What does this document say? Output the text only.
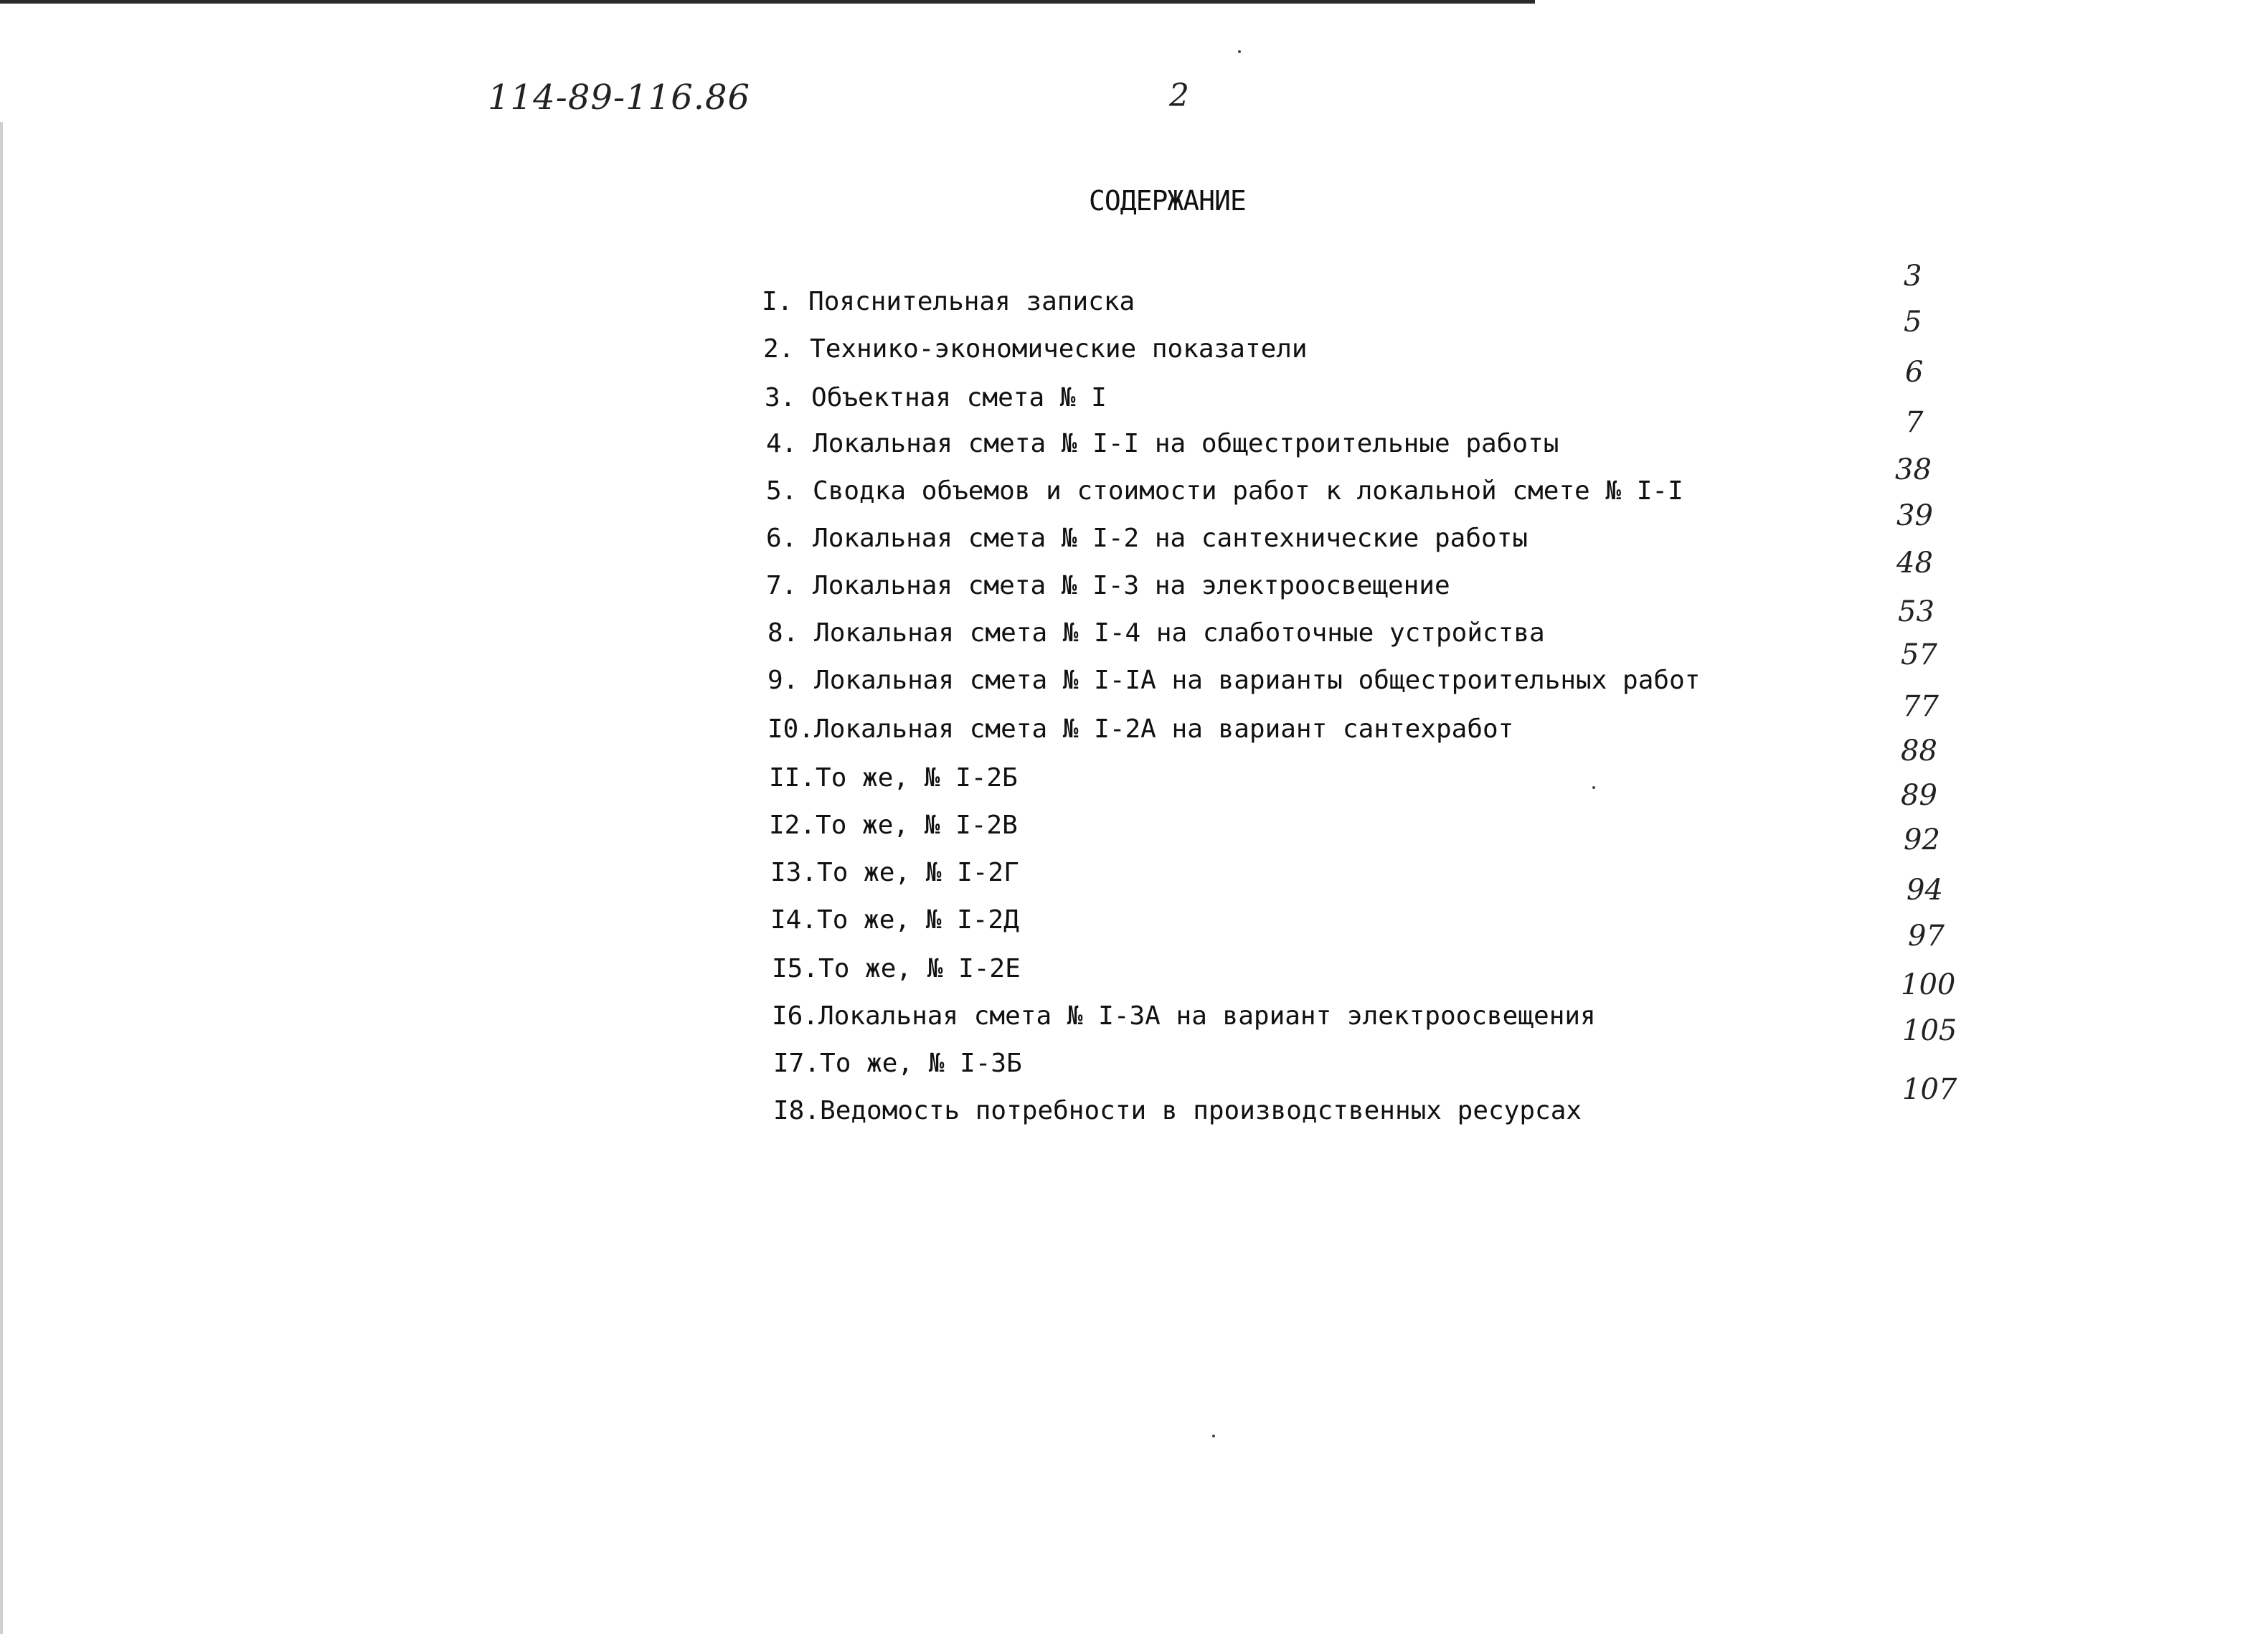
114-89-116.86	2
СОДЕРЖАНИЕ
I. Пояснительная записка
2. Технико-экономические показатели
3. Объектная смета № I
4. Локальная смета № I-I на общестроительные работы
5. Сводка объемов и стоимости работ к локальной смете № I-I
6. Локальная смета № I-2 на сантехнические работы
7. Локальная смета № I-3 на электроосвещение
8. Локальная смета № I-4 на слаботочные устройства
9. Локальная смета № I-IA на варианты общестроительных работ
I0.Локальная смета № I-2A на вариант сантехработ
II.То же, № I-2Б
I2.То же, № I-2В
I3.То же, № I-2Г
I4.То же, № I-2Д
I5.То же, № I-2Е
I6.Локальная смета № I-3А на вариант электроосвещения
I7.То же, № I-3Б
I8.Ведомость потребности в производственных ресурсах
3
5
6
7
38
39
48
53
57
77
88
89
92
94
97
100
105
107
